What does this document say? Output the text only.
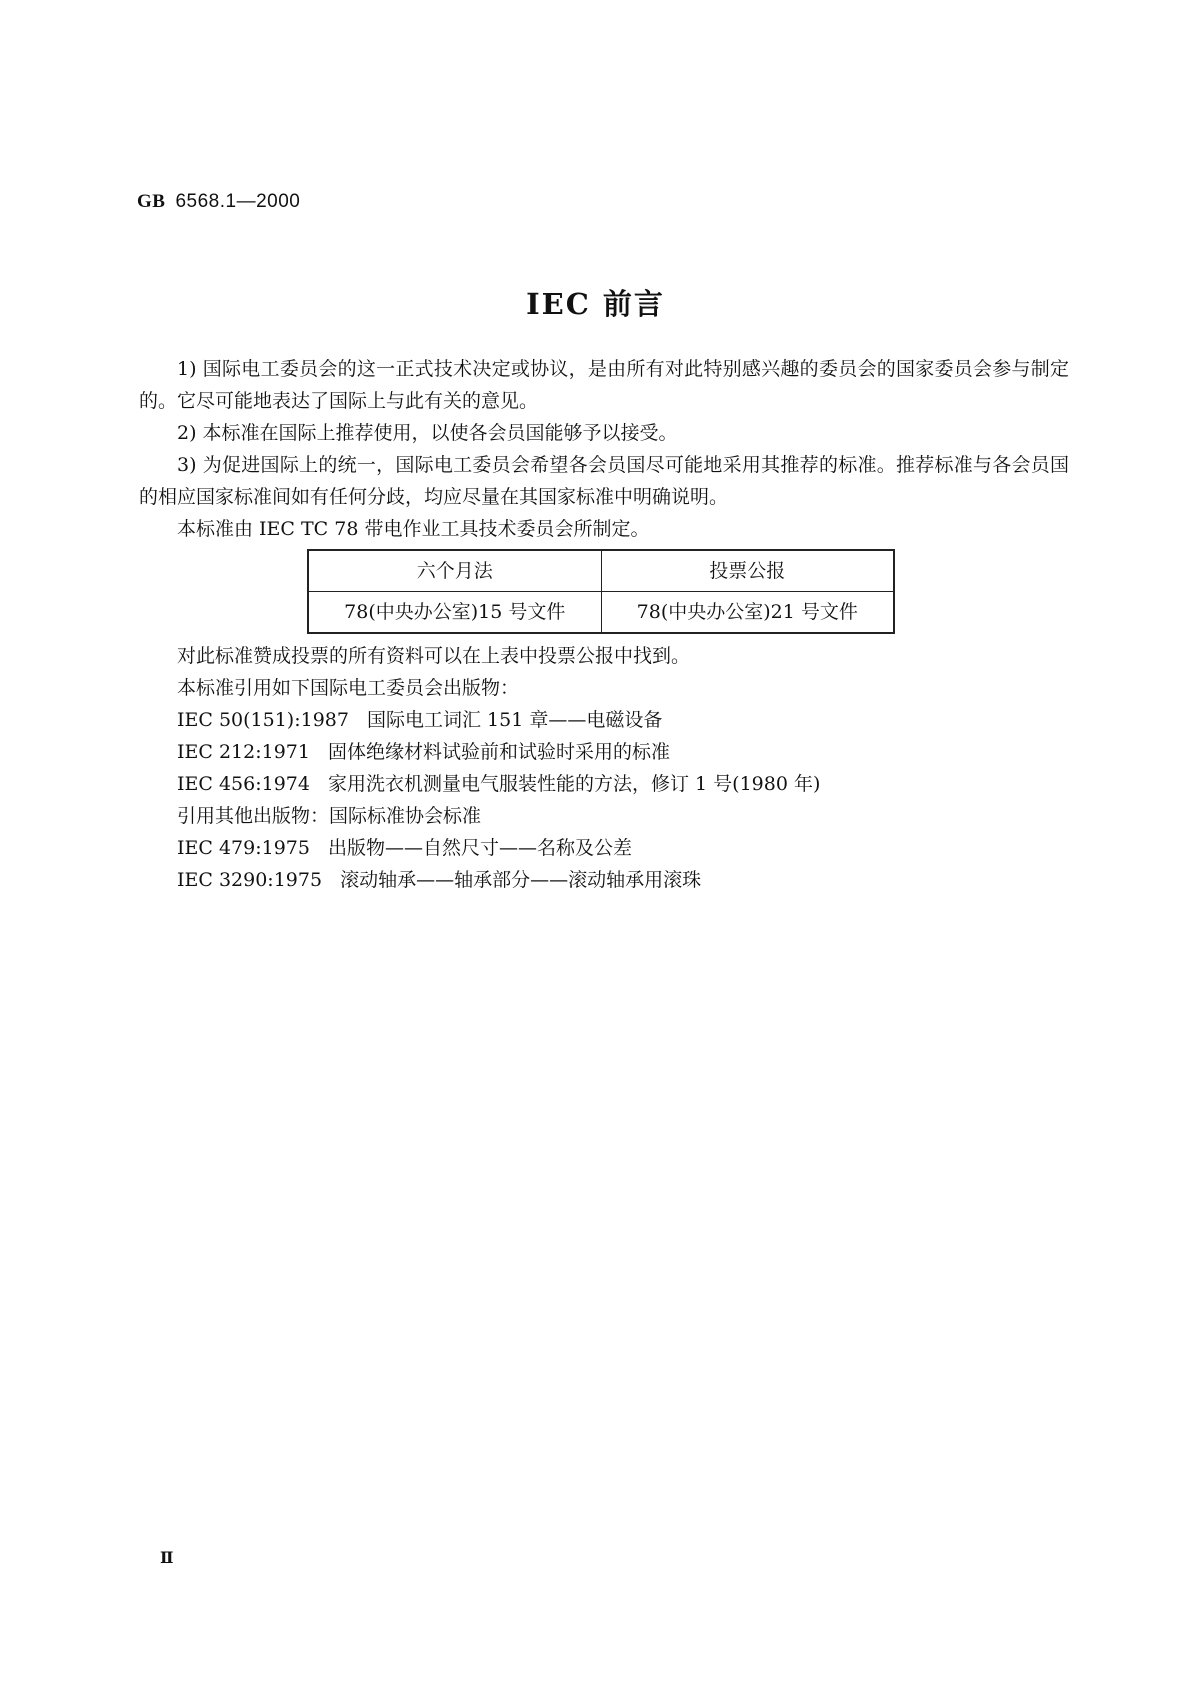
GB 6568.1—2000
IEC 前言

1) 国际电工委员会的这一正式技术决定或协议，是由所有对此特别感兴趣的委员会的国家委员会参与制定的。它尽可能地表达了国际上与此有关的意见。

2) 本标准在国际上推荐使用，以使各会员国能够予以接受。

3) 为促进国际上的统一，国际电工委员会希望各会员国尽可能地采用其推荐的标准。推荐标准与各会员国的相应国家标准间如有任何分歧，均应尽量在其国家标准中明确说明。

本标准由 IEC TC 78 带电作业工具技术委员会所制定。

六个月法	投票公报
78(中央办公室)15 号文件	78(中央办公室)21 号文件

对此标准赞成投票的所有资料可以在上表中投票公报中找到。

本标准引用如下国际电工委员会出版物：

IEC 50(151):1987 国际电工词汇 151 章——电磁设备

IEC 212:1971 固体绝缘材料试验前和试验时采用的标准

IEC 456:1974 家用洗衣机测量电气服装性能的方法，修订 1 号(1980 年)

引用其他出版物：国际标准协会标准

IEC 479:1975 出版物——自然尺寸——名称及公差

IEC 3290:1975 滚动轴承——轴承部分——滚动轴承用滚珠

Ⅱ
